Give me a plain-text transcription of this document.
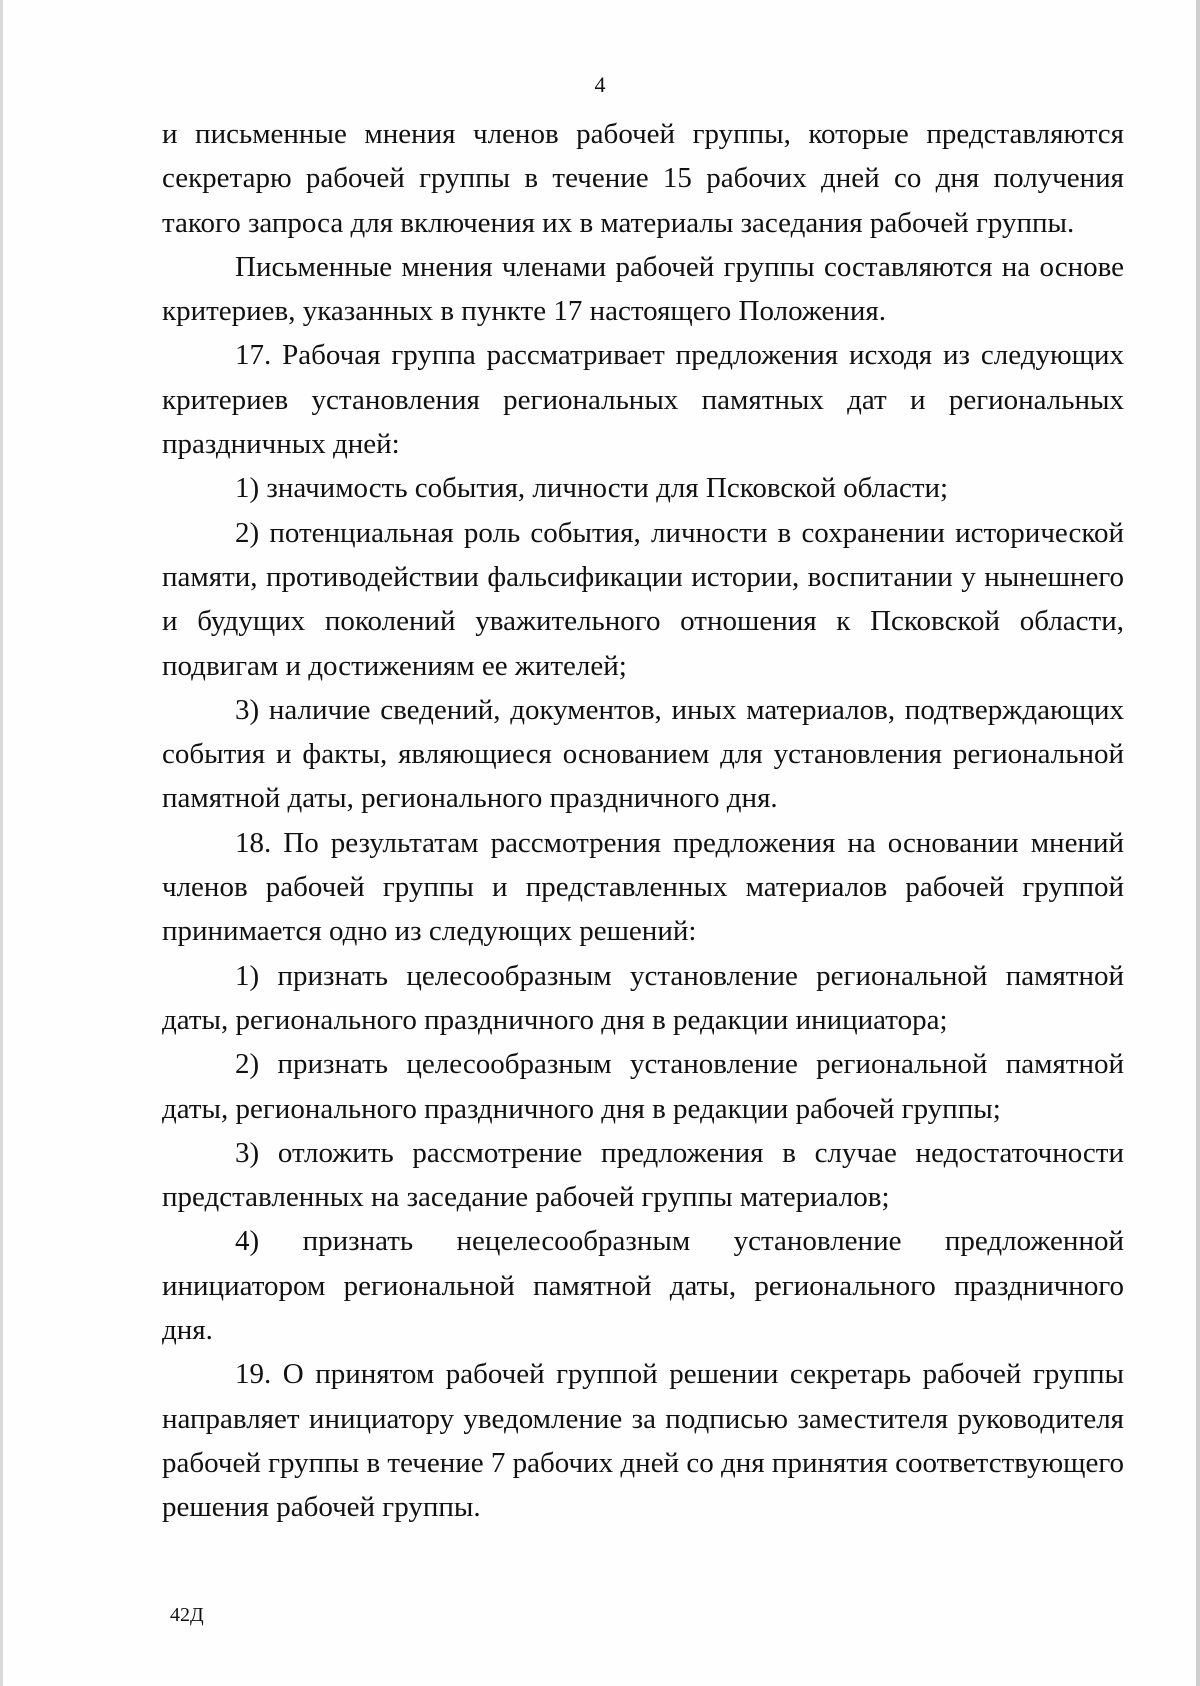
4

и письменные мнения членов рабочей группы, которые представляются секретарю рабочей группы в течение 15 рабочих дней со дня получения такого запроса для включения их в материалы заседания рабочей группы.

Письменные мнения членами рабочей группы составляются на основе критериев, указанных в пункте 17 настоящего Положения.

17. Рабочая группа рассматривает предложения исходя из следующих критериев установления региональных памятных дат и региональных праздничных дней:

1) значимость события, личности для Псковской области;

2) потенциальная роль события, личности в сохранении исторической памяти, противодействии фальсификации истории, воспитании у нынешнего и будущих поколений уважительного отношения к Псковской области, подвигам и достижениям ее жителей;

3) наличие сведений, документов, иных материалов, подтверждающих события и факты, являющиеся основанием для установления региональной памятной даты, регионального праздничного дня.

18. По результатам рассмотрения предложения на основании мнений членов рабочей группы и представленных материалов рабочей группой принимается одно из следующих решений:

1) признать целесообразным установление региональной памятной даты, регионального праздничного дня в редакции инициатора;

2) признать целесообразным установление региональной памятной даты, регионального праздничного дня в редакции рабочей группы;

3) отложить рассмотрение предложения в случае недостаточности представленных на заседание рабочей группы материалов;

4) признать нецелесообразным установление предложенной инициатором региональной памятной даты, регионального праздничного дня.

19. О принятом рабочей группой решении секретарь рабочей группы направляет инициатору уведомление за подписью заместителя руководителя рабочей группы в течение 7 рабочих дней со дня принятия соответствующего решения рабочей группы.

42Д
